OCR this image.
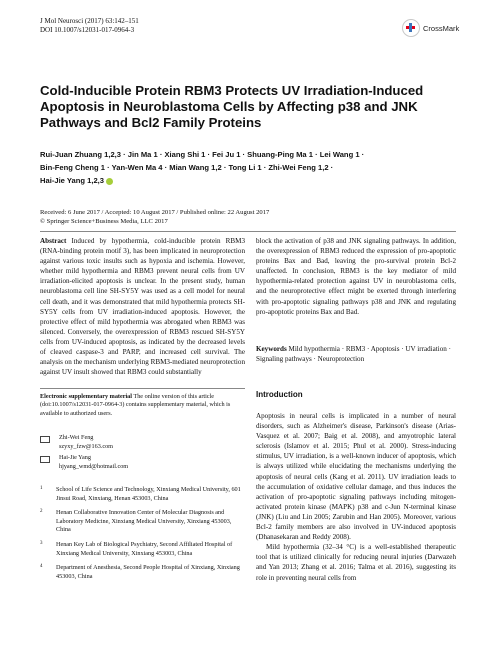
J Mol Neurosci (2017) 63:142–151
DOI 10.1007/s12031-017-0964-3	CrossMark
Cold-Inducible Protein RBM3 Protects UV Irradiation-Induced Apoptosis in Neuroblastoma Cells by Affecting p38 and JNK Pathways and Bcl2 Family Proteins
Rui-Juan Zhuang 1,2,3 · Jin Ma 1 · Xiang Shi 1 · Fei Ju 1 · Shuang-Ping Ma 1 · Lei Wang 1 ·
Bin-Feng Cheng 1 · Yan-Wen Ma 4 · Mian Wang 1,2 · Tong Li 1 · Zhi-Wei Feng 1,2 ·
Hai-Jie Yang 1,2,3
Received: 6 June 2017 / Accepted: 10 August 2017 / Published online: 22 August 2017
© Springer Science+Business Media, LLC 2017
Abstract Induced by hypothermia, cold-inducible protein RBM3 (RNA-binding protein motif 3), has been implicated in neuroprotection against various toxic insults such as hypoxia and ischemia. However, whether mild hypothermia and RBM3 prevent neural cells from UV irradiation-elicited apoptosis is unclear. In the present study, human neuroblastoma cell line SH-SY5Y was used as a cell model for neural cell death, and it was demonstrated that mild hypothermia protects SH-SY5Y cells from UV irradiation-induced apoptosis. However, the protective effect of mild hypothermia was abrogated when RBM3 was silenced. Conversely, the overexpression of RBM3 rescued SH-SY5Y cells from UV-induced apoptosis, as indicated by the decreased levels of cleaved caspase-3 and PARP, and increased cell survival. The analysis on the mechanism underlying RBM3-mediated neuroprotection against UV insult showed that RBM3 could substantially
block the activation of p38 and JNK signaling pathways. In addition, the overexpression of RBM3 reduced the expression of pro-apoptotic proteins Bax and Bad, leaving the pro-survival protein Bcl-2 unaffected. In conclusion, RBM3 is the key mediator of mild hypothermia-related protection against UV in neuroblastoma cells, and the neuroprotective effect might be exerted through interfering with pro-apoptotic signaling pathways p38 and JNK and regulating pro-apoptotic proteins Bax and Bad.
Keywords Mild hypothermia · RBM3 · Apoptosis · UV irradiation · Signaling pathways · Neuroprotection
Electronic supplementary material The online version of this article (doi:10.1007/s12031-017-0964-3) contains supplementary material, which is available to authorized users.
Zhi-Wei Feng
szyxy_fzw@163.com
Hai-Jie Yang
hjyang_wmd@hotmail.com
1	School of Life Science and Technology, Xinxiang Medical University, 601 Jinsui Road, Xinxiang, Henan 453003, China
2	Henan Collaborative Innovation Center of Molecular Diagnosis and Laboratory Medicine, Xinxiang Medical University, Xinxiang 453003, China
3	Henan Key Lab of Biological Psychiatry, Second Affiliated Hospital of Xinxiang Medical University, Xinxiang 453003, China
4	Department of Anesthesia, Second People Hospital of Xinxiang, Xinxiang 453003, China
Introduction
Apoptosis in neural cells is implicated in a number of neural disorders, such as Alzheimer's disease, Parkinson's disease (Arias-Vasquez et al. 2007; Baig et al. 2008), and amyotrophic lateral sclerosis (Islamov et al. 2015; Phul et al. 2000). Stress-inducing stimulus, UV irradiation, is a well-known inducer of apoptosis, which is always utilized while elucidating the mechanisms underlying the apoptosis of neural cells (Kang et al. 2011). UV irradiation leads to the accumulation of oxidative cellular damage, and thus induces the activation of pro-apoptotic signaling pathways including mitogen-activated protein kinase (MAPK) p38 and c-Jun N-terminal kinase (JNK) (Liu and Lin 2005; Zarubin and Han 2005). Moreover, various Bcl-2 family members are also involved in UV-induced apoptosis (Dhanasekaran and Reddy 2008).
Mild hypothermia (32–34 °C) is a well-established therapeutic tool that is utilized clinically for reducing neural injuries (Darwazeh and Yan 2013; Zhang et al. 2016; Talma et al. 2016), suggesting its role in preventing neural cells from
